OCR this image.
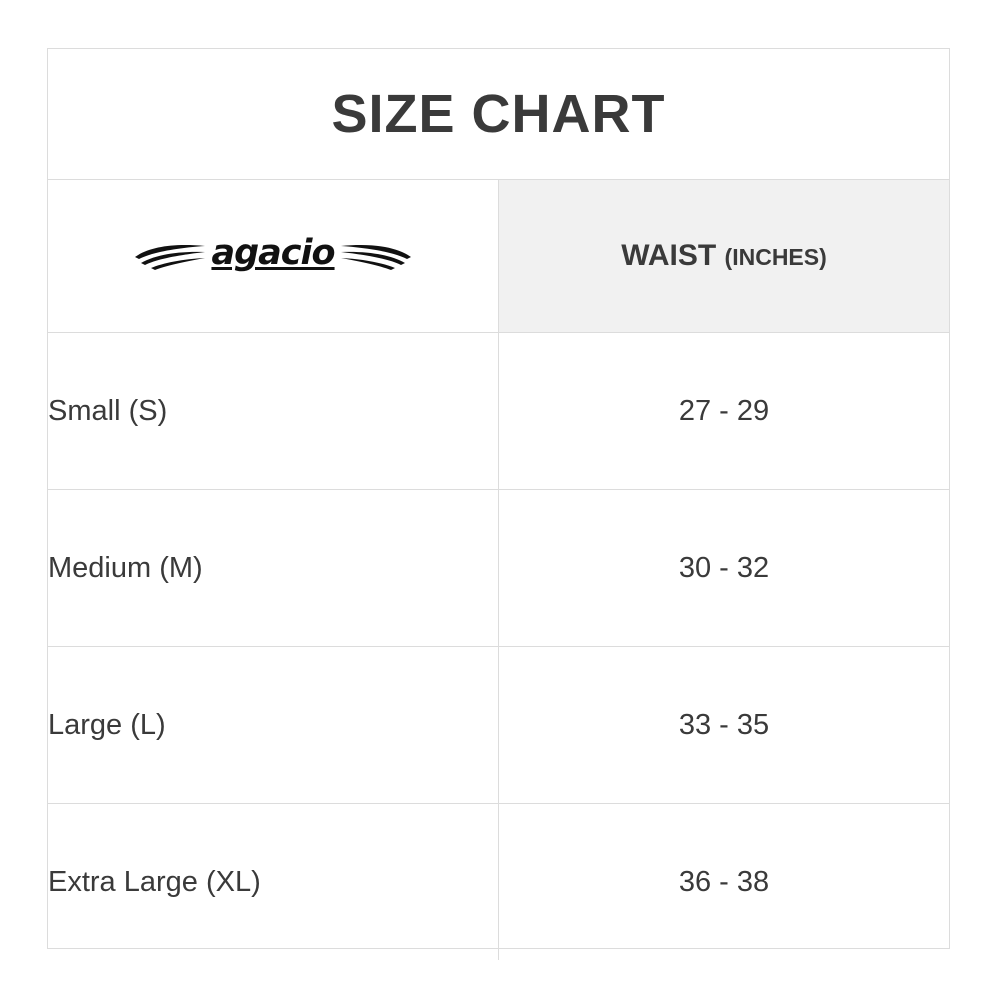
SIZE CHART	

agacio	WAIST (INCHES)
Small (S)	27 - 29
Medium (M)	30 - 32
Large (L)	33 - 35
Extra Large (XL)	36 - 38
